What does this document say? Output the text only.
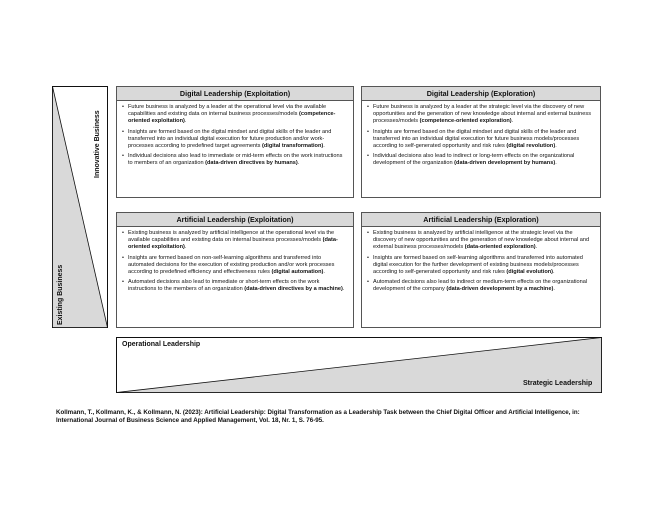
Innovative Business
Existing Business
Digital Leadership (Exploitation)
• Future business is analyzed by a leader at the operational level via the available capabilities and existing data on internal business processes/models (competence-oriented exploitation).
• Insights are formed based on the digital mindset and digital skills of the leader and transferred into an individual digital execution for future production and/or work-processes according to predefined target agreements (digital transformation).
• Individual decisions also lead to immediate or mid-term effects on the work instructions to members of an organization (data-driven directives by humans).
Digital Leadership (Exploration)
• Future business is analyzed by a leader at the strategic level via the discovery of new opportunities and the generation of new knowledge about internal and external business processes/models (competence-oriented exploration).
• Insights are formed based on the digital mindset and digital skills of the leader and transferred into an individual digital execution for future business models/processes according to self-generated opportunity and risk rules (digital revolution).
• Individual decisions also lead to indirect or long-term effects on the organizational development of the organization (data-driven development by humans).
Artificial Leadership (Exploitation)
• Existing business is analyzed by artificial intelligence at the operational level via the available capabilities and existing data on internal business processes/models (data-oriented exploitation).
• Insights are formed based on non-self-learning algorithms and transferred into automated decisions for the execution of existing production and/or work processes according to predefined efficiency and effectiveness rules (digital automation).
• Automated decisions also lead to immediate or short-term effects on the work instructions to the members of an organization (data-driven directives by a machine).
Artificial Leadership (Exploration)
• Existing business is analyzed by artificial intelligence at the strategic level via the discovery of new opportunities and the generation of new knowledge about internal and external business processes/models (data-oriented exploration).
• Insights are formed based on self-learning algorithms and transferred into automated digital execution for the further development of existing business models/processes according to self-generated opportunity and risk rules (digital evolution).
• Automated decisions also lead to indirect or medium-term effects on the organizational development of the company (data-driven development by a machine).
Operational Leadership
Strategic Leadership
Kollmann, T., Kollmann, K., & Kollmann, N. (2023): Artificial Leadership: Digital Transformation as a Leadership Task between the Chief Digital Officer and Artificial Intelligence, in: International Journal of Business Science and Applied Management, Vol. 18, Nr. 1, S. 76-95.
